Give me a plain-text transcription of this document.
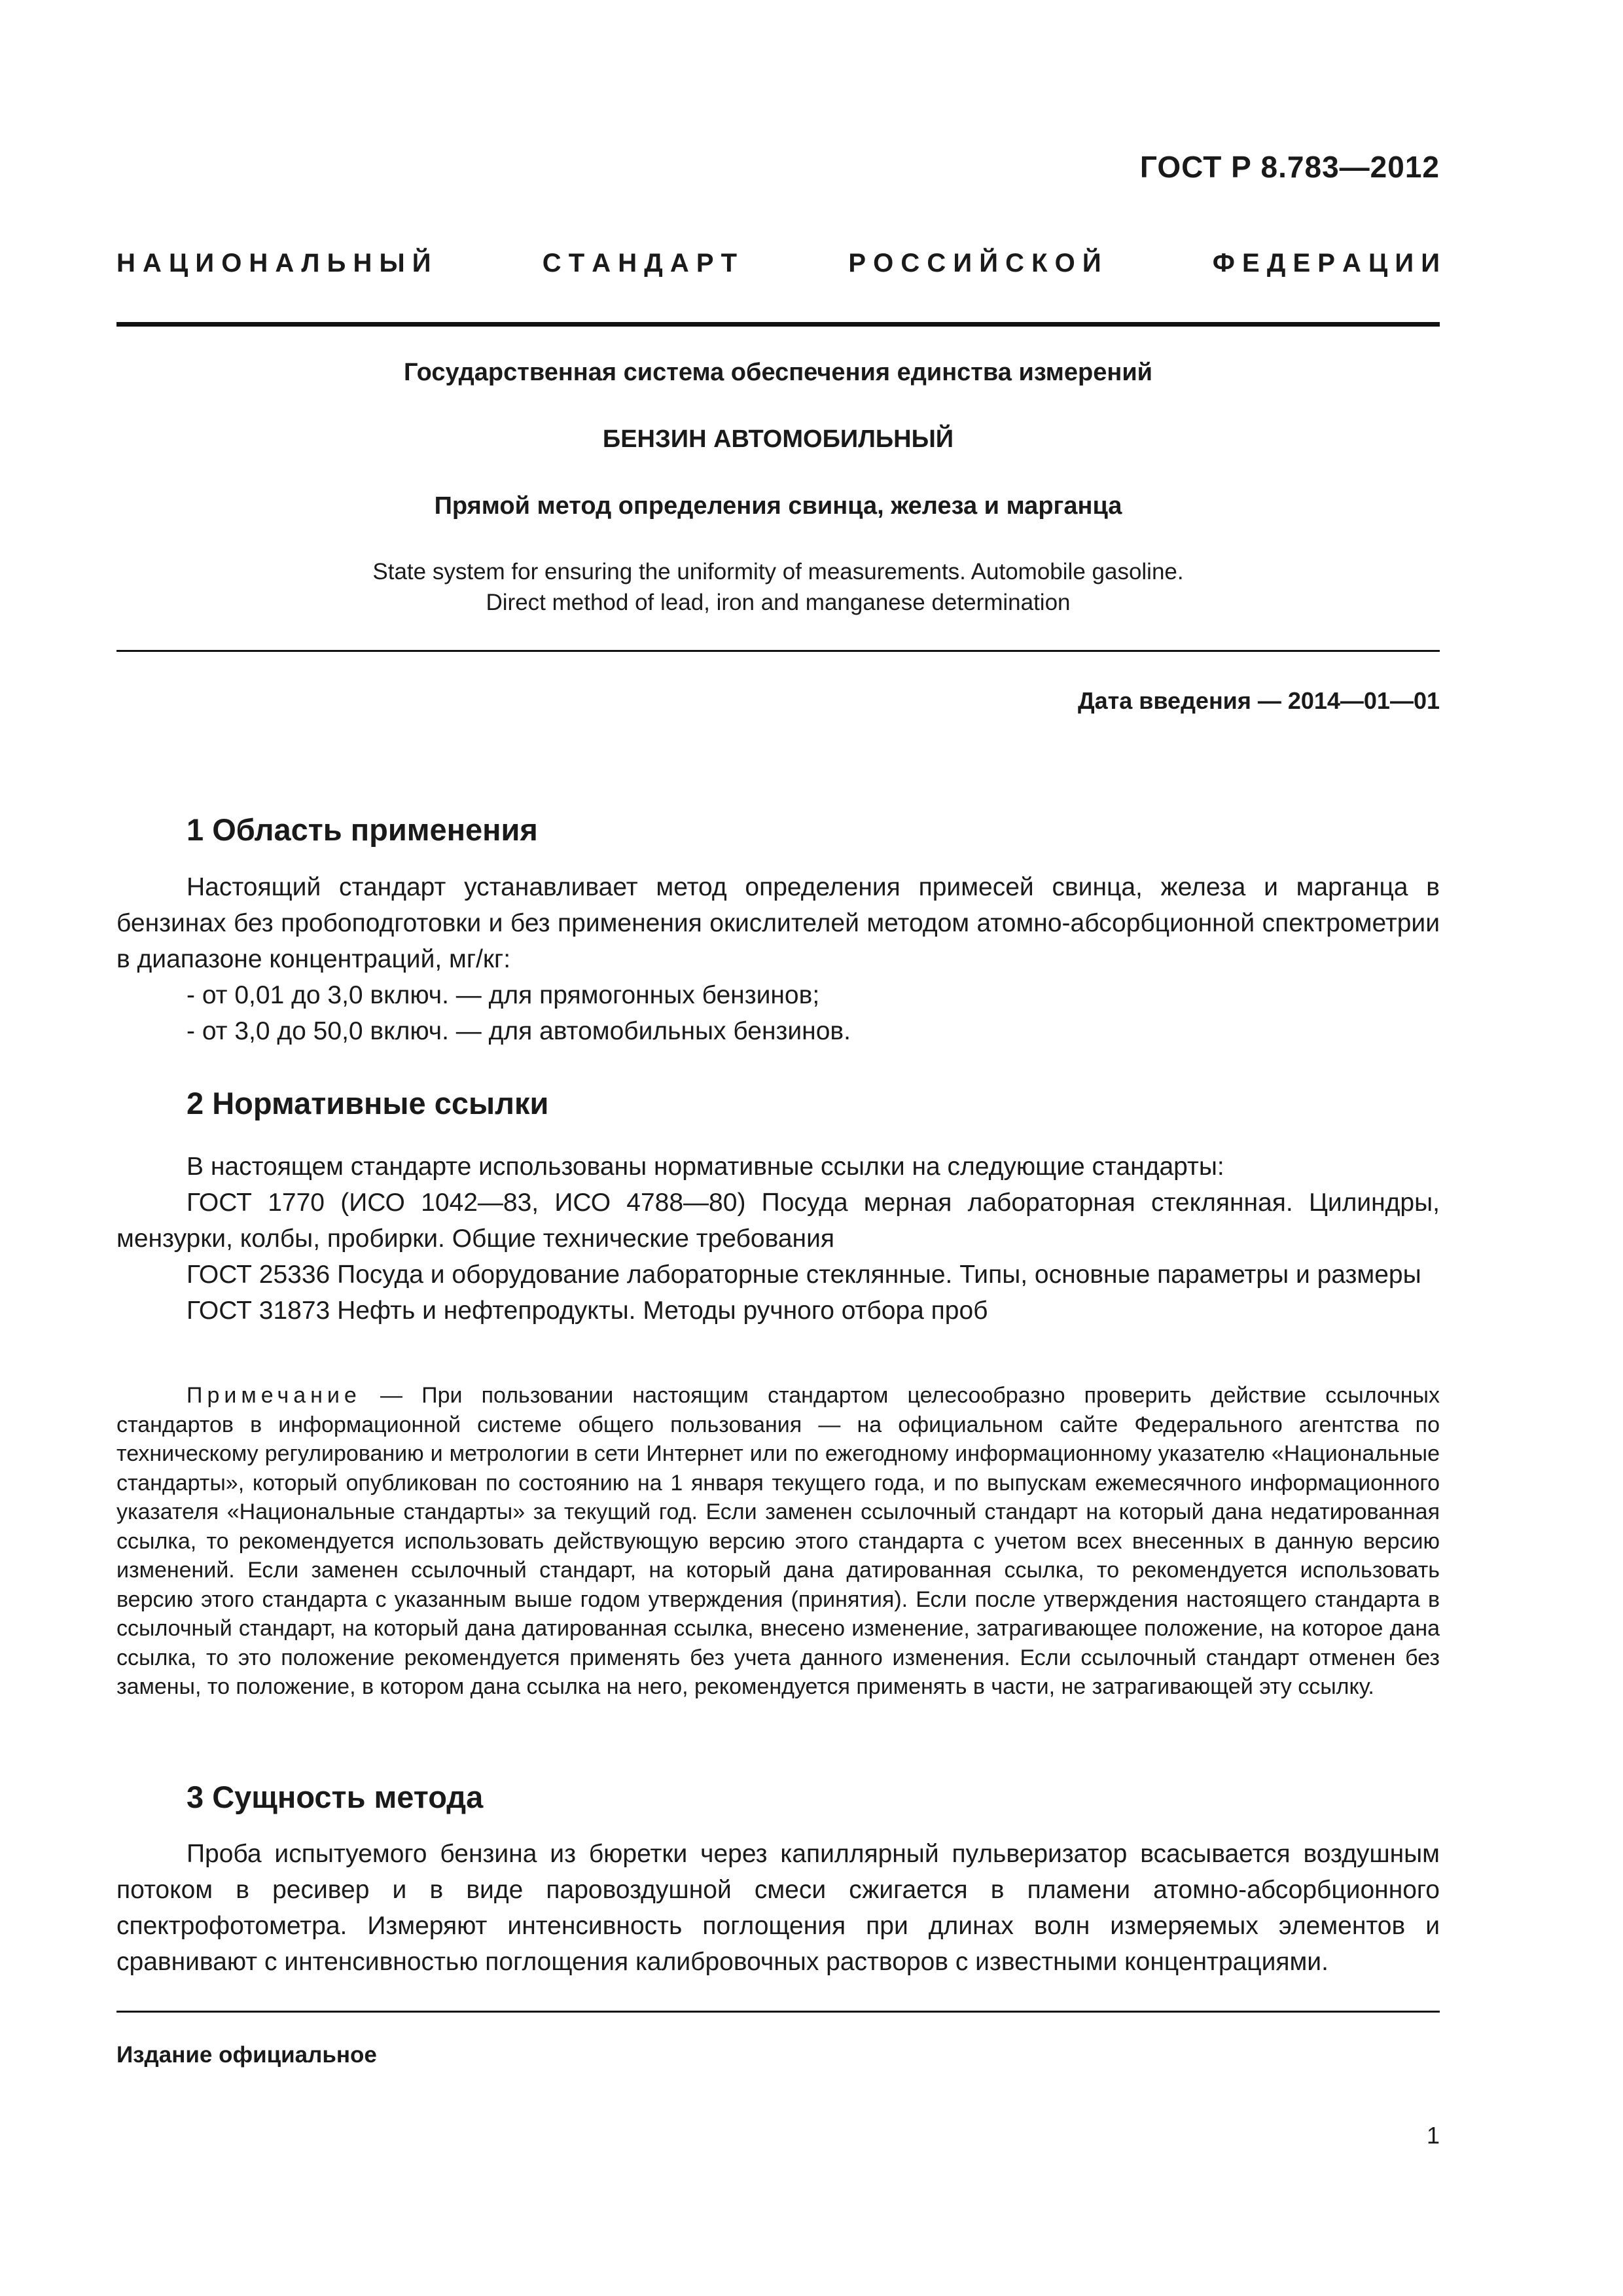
ГОСТ Р 8.783—2012
Н А Ц И О Н А Л Ь Н Ы Й	С Т А Н Д А Р Т	Р О С С И Й С К О Й	Ф Е Д Е Р А Ц И И
Государственная система обеспечения единства измерений
БЕНЗИН АВТОМОБИЛЬНЫЙ
Прямой метод определения свинца, железа и марганца
State system for ensuring the uniformity of measurements. Automobile gasoline.
Direct method of lead, iron and manganese determination
Дата введения — 2014—01—01
1 Область применения

Настоящий стандарт устанавливает метод определения примесей свинца, железа и марганца в бензинах без пробоподготовки и без применения окислителей методом атомно-абсорбционной спектрометрии в диапазоне концентраций, мг/кг:

- от 0,01 до 3,0 включ. — для прямогонных бензинов;

- от 3,0 до 50,0 включ. — для автомобильных бензинов.

2 Нормативные ссылки

В настоящем стандарте использованы нормативные ссылки на следующие стандарты:

ГОСТ 1770 (ИСО 1042—83, ИСО 4788—80) Посуда мерная лабораторная стеклянная. Цилиндры, мензурки, колбы, пробирки. Общие технические требования

ГОСТ 25336 Посуда и оборудование лабораторные стеклянные. Типы, основные параметры и размеры

ГОСТ 31873 Нефть и нефтепродукты. Методы ручного отбора проб

Примечание — При пользовании настоящим стандартом целесообразно проверить действие ссылочных стандартов в информационной системе общего пользования — на официальном сайте Федерального агентства по техническому регулированию и метрологии в сети Интернет или по ежегодному информационному указателю «Национальные стандарты», который опубликован по состоянию на 1 января текущего года, и по выпускам ежемесячного информационного указателя «Национальные стандарты» за текущий год. Если заменен ссылочный стандарт на который дана недатированная ссылка, то рекомендуется использовать действующую версию этого стандарта с учетом всех внесенных в данную версию изменений. Если заменен ссылочный стандарт, на который дана датированная ссылка, то рекомендуется использовать версию этого стандарта с указанным выше годом утверждения (принятия). Если после утверждения настоящего стандарта в ссылочный стандарт, на который дана датированная ссылка, внесено изменение, затрагивающее положение, на которое дана ссылка, то это положение рекомендуется применять без учета данного изменения. Если ссылочный стандарт отменен без замены, то положение, в котором дана ссылка на него, рекомендуется применять в части, не затрагивающей эту ссылку.

3 Сущность метода

Проба испытуемого бензина из бюретки через капиллярный пульверизатор всасывается воздушным потоком в ресивер и в виде паровоздушной смеси сжигается в пламени атомно-абсорбционного спектрофотометра. Измеряют интенсивность поглощения при длинах волн измеряемых элементов и сравнивают с интенсивностью поглощения калибровочных растворов с известными концентрациями.

Издание официальное
1
